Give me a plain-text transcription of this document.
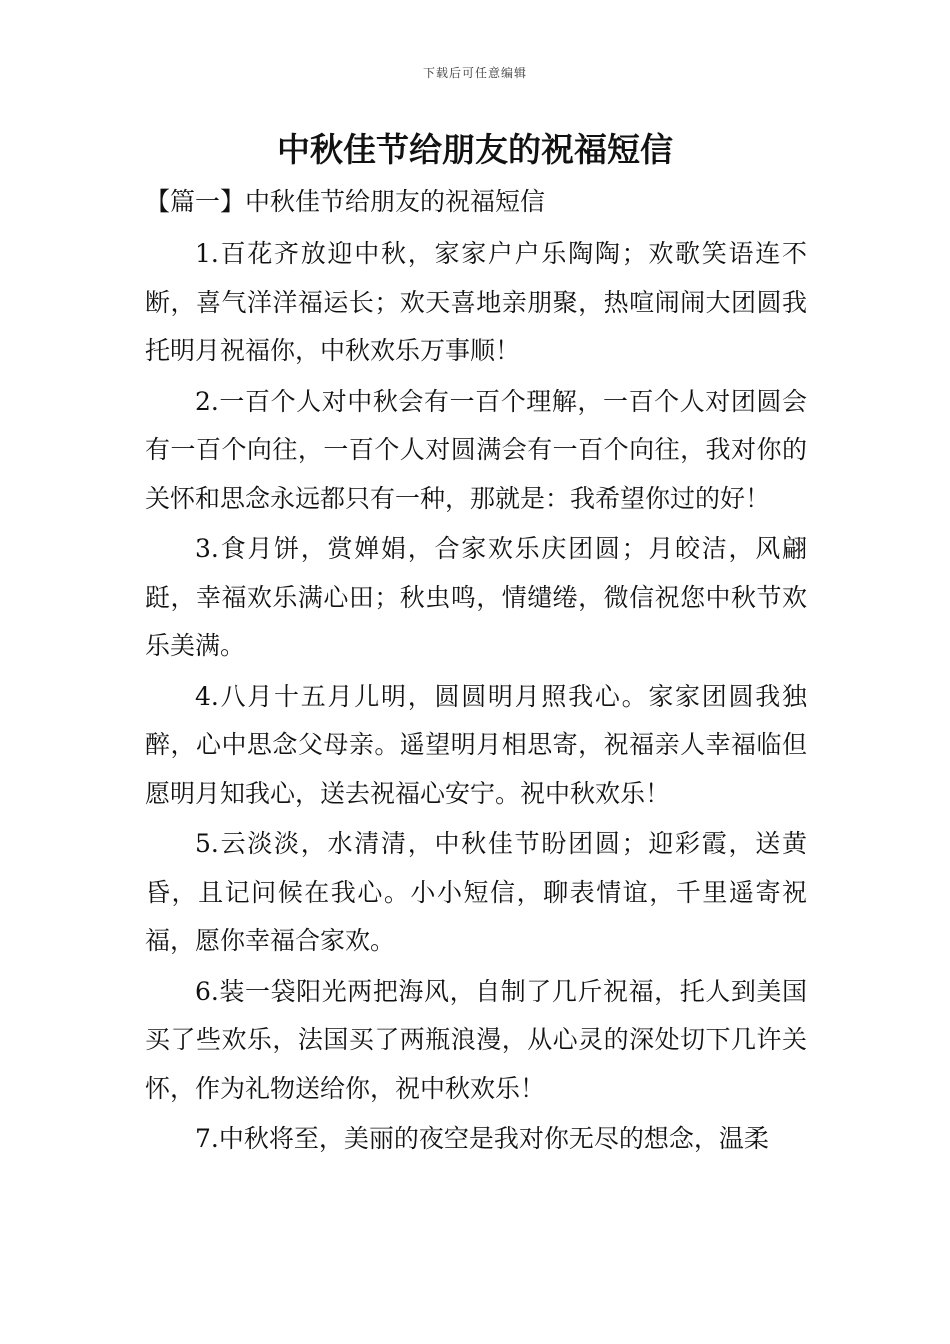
下载后可任意编辑
中秋佳节给朋友的祝福短信

【篇一】中秋佳节给朋友的祝福短信

1.百花齐放迎中秋，家家户户乐陶陶；欢歌笑语连不断，喜气洋洋福运长；欢天喜地亲朋聚，热喧闹闹大团圆我托明月祝福你，中秋欢乐万事顺！

2.一百个人对中秋会有一百个理解，一百个人对团圆会有一百个向往，一百个人对圆满会有一百个向往，我对你的关怀和思念永远都只有一种，那就是：我希望你过的好！

3.食月饼，赏婵娟，合家欢乐庆团圆；月皎洁，风翩跹，幸福欢乐满心田；秋虫鸣，情缱绻，微信祝您中秋节欢乐美满。

4.八月十五月儿明，圆圆明月照我心。家家团圆我独醉，心中思念父母亲。遥望明月相思寄，祝福亲人幸福临但愿明月知我心，送去祝福心安宁。祝中秋欢乐！

5.云淡淡，水清清，中秋佳节盼团圆；迎彩霞，送黄昏，且记问候在我心。小小短信，聊表情谊，千里遥寄祝福，愿你幸福合家欢。

6.装一袋阳光两把海风，自制了几斤祝福，托人到美国买了些欢乐，法国买了两瓶浪漫，从心灵的深处切下几许关怀，作为礼物送给你，祝中秋欢乐！

7.中秋将至，美丽的夜空是我对你无尽的想念，温柔
